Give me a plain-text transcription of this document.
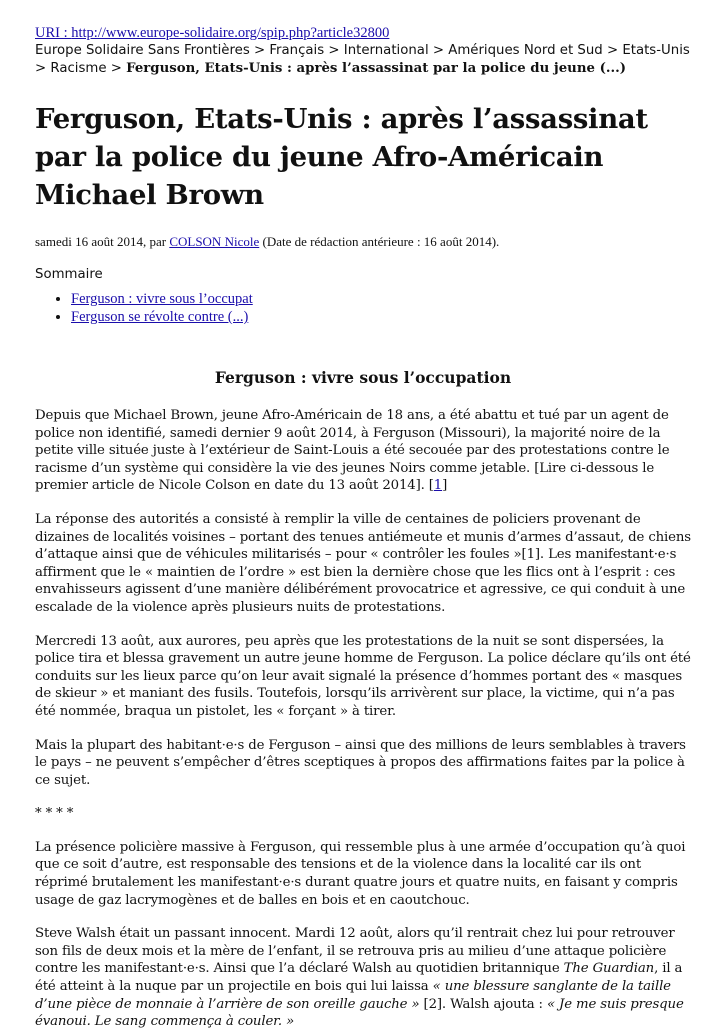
URI : http://www.europe-solidaire.org/spip.php?article32800
Europe Solidaire Sans Frontières > Français > International > Amériques Nord et Sud > Etats-Unis > Racisme > Ferguson, Etats-Unis : après l’assassinat par la police du jeune (...)
Ferguson, Etats-Unis : après l’assassinat par la police du jeune Afro-Américain Michael Brown
samedi 16 août 2014, par COLSON Nicole (Date de rédaction antérieure : 16 août 2014).
Sommaire
• Ferguson : vivre sous l’occupat
• Ferguson se révolte contre (...)
Ferguson : vivre sous l’occupation

Depuis que Michael Brown, jeune Afro-Américain de 18 ans, a été abattu et tué par un agent de police non identifié, samedi dernier 9 août 2014, à Ferguson (Missouri), la majorité noire de la petite ville située juste à l’extérieur de Saint-Louis a été secouée par des protestations contre le racisme d’un système qui considère la vie des jeunes Noirs comme jetable. [Lire ci-dessous le premier article de Nicole Colson en date du 13 août 2014]. [1]

La réponse des autorités a consisté à remplir la ville de centaines de policiers provenant de dizaines de localités voisines – portant des tenues antiémeute et munis d’armes d’assaut, de chiens d’attaque ainsi que de véhicules militarisés – pour « contrôler les foules »[1]. Les manifestant·e·s affirment que le « maintien de l’ordre » est bien la dernière chose que les flics ont à l’esprit : ces envahisseurs agissent d’une manière délibérément provocatrice et agressive, ce qui conduit à une escalade de la violence après plusieurs nuits de protestations.

Mercredi 13 août, aux aurores, peu après que les protestations de la nuit se sont dispersées, la police tira et blessa gravement un autre jeune homme de Ferguson. La police déclare qu’ils ont été conduits sur les lieux parce qu’on leur avait signalé la présence d’hommes portant des « masques de skieur » et maniant des fusils. Toutefois, lorsqu’ils arrivèrent sur place, la victime, qui n’a pas été nommée, braqua un pistolet, les « forçant » à tirer.

Mais la plupart des habitant·e·s de Ferguson – ainsi que des millions de leurs semblables à travers le pays – ne peuvent s’empêcher d’êtres sceptiques à propos des affirmations faites par la police à ce sujet.

* * * *

La présence policière massive à Ferguson, qui ressemble plus à une armée d’occupation qu’à quoi que ce soit d’autre, est responsable des tensions et de la violence dans la localité car ils ont réprimé brutalement les manifestant·e·s durant quatre jours et quatre nuits, en faisant y compris usage de gaz lacrymogènes et de balles en bois et en caoutchouc.

Steve Walsh était un passant innocent. Mardi 12 août, alors qu’il rentrait chez lui pour retrouver son fils de deux mois et la mère de l’enfant, il se retrouva pris au milieu d’une attaque policière contre les manifestant·e·s. Ainsi que l’a déclaré Walsh au quotidien britannique The Guardian, il a été atteint à la nuque par un projectile en bois qui lui laissa « une blessure sanglante de la taille d’une pièce de monnaie à l’arrière de son oreille gauche » [2]. Walsh ajouta : « Je me suis presque évanoui. Le sang commença à couler. »
